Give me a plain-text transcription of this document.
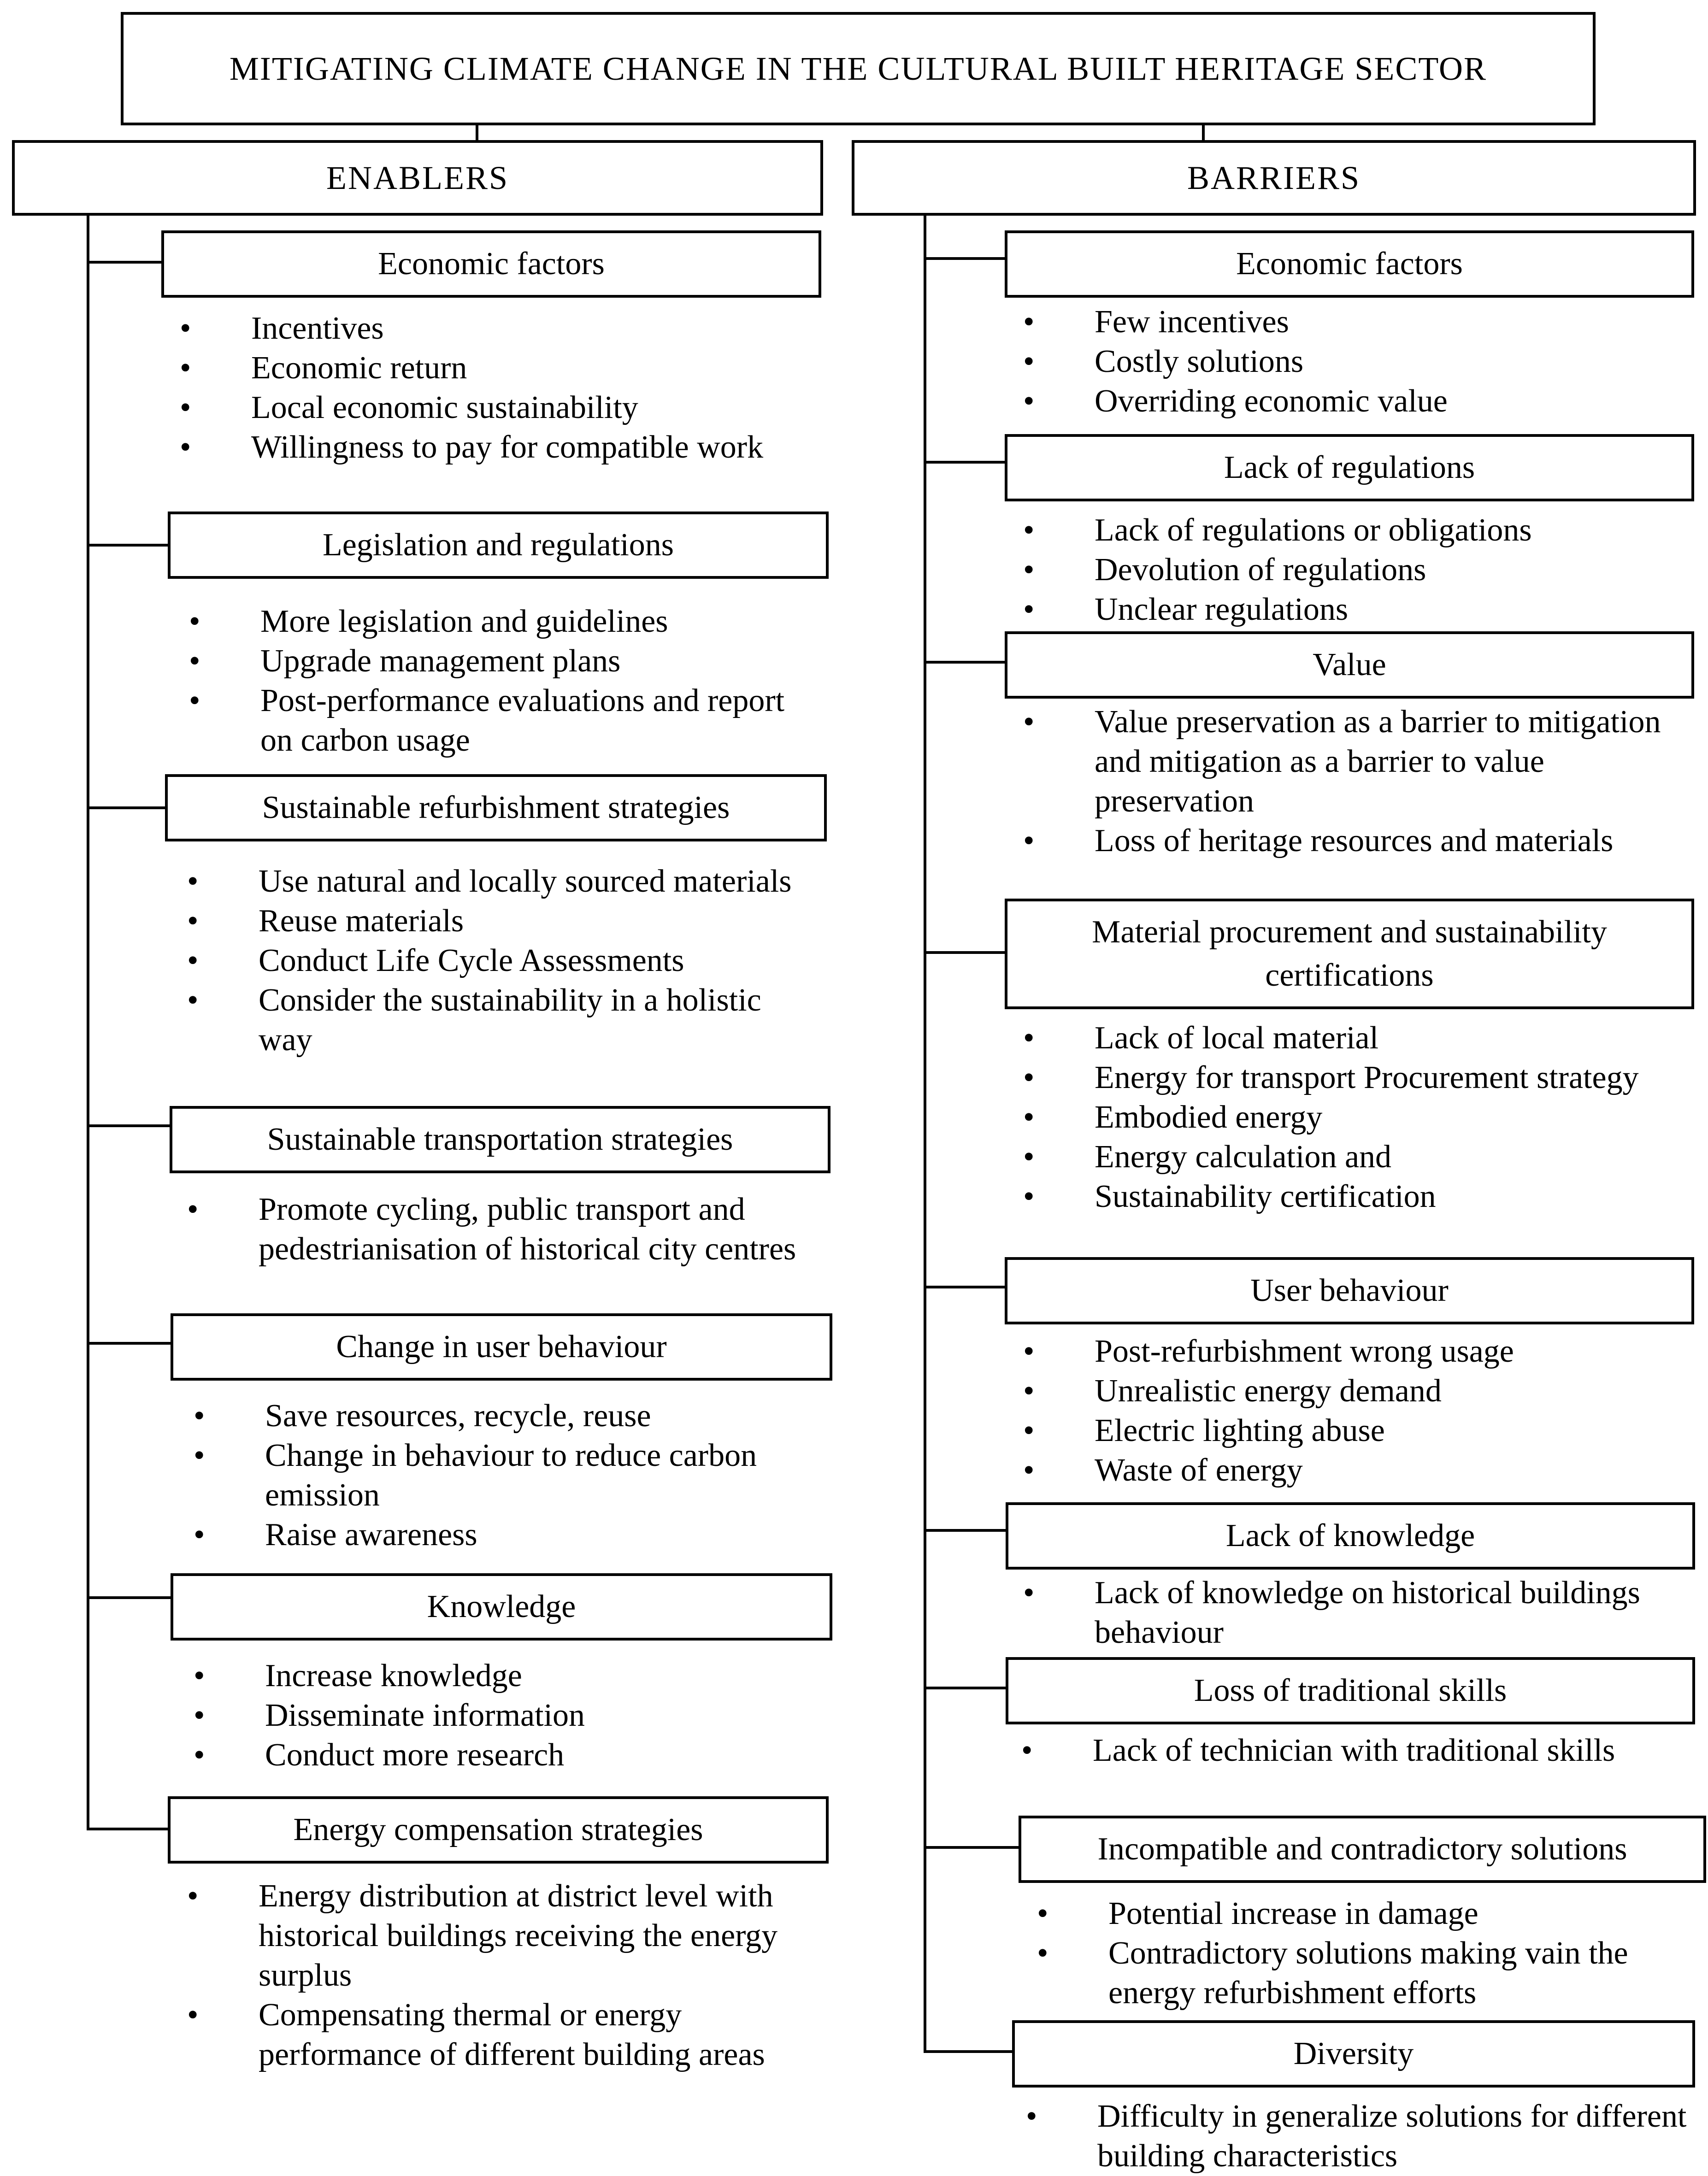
MITIGATING CLIMATE CHANGE IN THE CULTURAL BUILT HERITAGE SECTOR
ENABLERS	BARRIERS
Economic factors
• Incentives
• Economic return
• Local economic sustainability
• Willingness to pay for compatible work
Legislation and regulations
• More legislation and guidelines
• Upgrade management plans
• Post-performance evaluations and report on carbon usage
Sustainable refurbishment strategies
• Use natural and locally sourced materials
• Reuse materials
• Conduct Life Cycle Assessments
• Consider the sustainability in a holistic way
Sustainable transportation strategies
• Promote cycling, public transport and pedestrianisation of historical city centres
Change in user behaviour
• Save resources, recycle, reuse
• Change in behaviour to reduce carbon emission
• Raise awareness
Knowledge
• Increase knowledge
• Disseminate information
• Conduct more research
Energy compensation strategies
• Energy distribution at district level with historical buildings receiving the energy surplus
• Compensating thermal or energy performance of different building areas
Economic factors
• Few incentives
• Costly solutions
• Overriding economic value
Lack of regulations
• Lack of regulations or obligations
• Devolution of regulations
• Unclear regulations
Value
• Value preservation as a barrier to mitigation and mitigation as a barrier to value preservation
• Loss of heritage resources and materials
Material procurement and sustainability certifications
• Lack of local material
• Energy for transport Procurement strategy
• Embodied energy
• Energy calculation and
• Sustainability certification
User behaviour
• Post-refurbishment wrong usage
• Unrealistic energy demand
• Electric lighting abuse
• Waste of energy
Lack of knowledge
• Lack of knowledge on historical buildings behaviour
Loss of traditional skills
• Lack of technician with traditional skills
Incompatible and contradictory solutions
• Potential increase in damage
• Contradictory solutions making vain the energy refurbishment efforts
Diversity
• Difficulty in generalize solutions for different building characteristics
